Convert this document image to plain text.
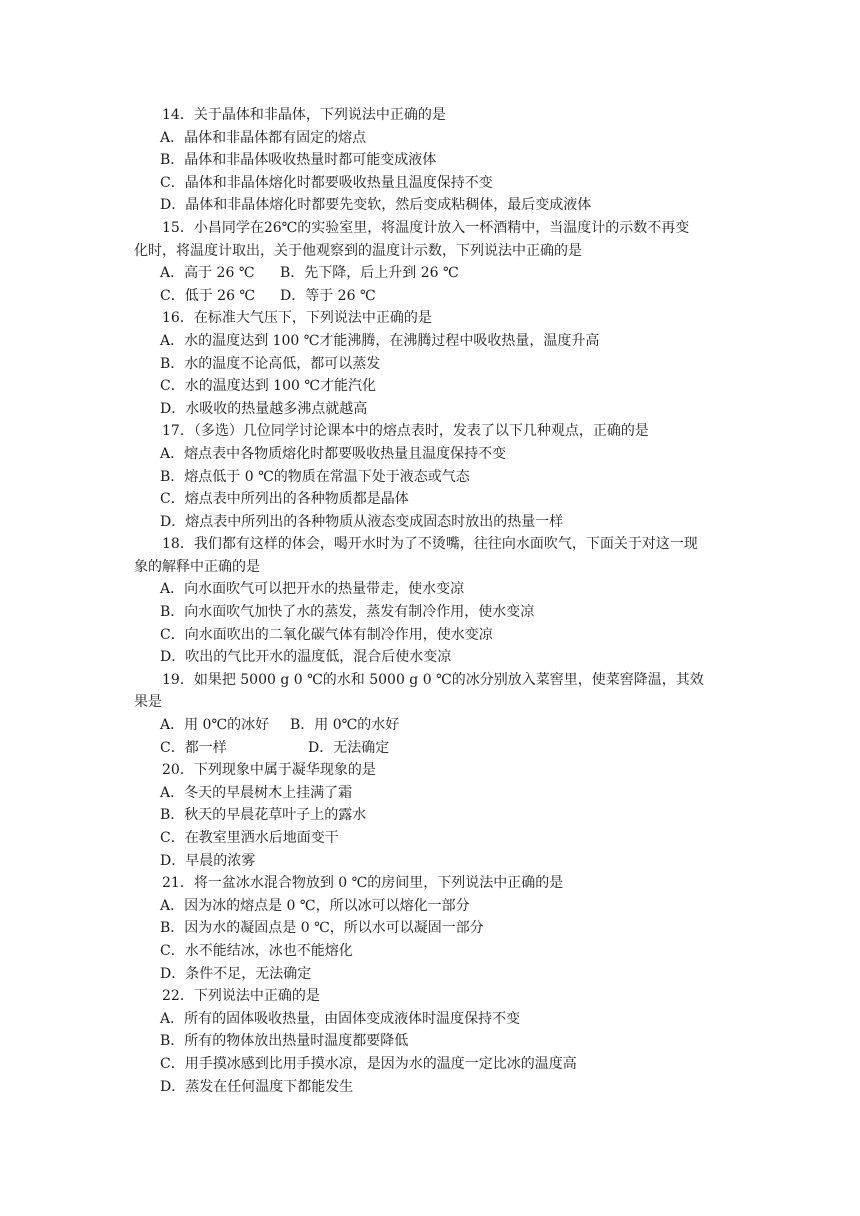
14．关于晶体和非晶体，下列说法中正确的是
A．晶体和非晶体都有固定的熔点
B．晶体和非晶体吸收热量时都可能变成液体
C．晶体和非晶体熔化时都要吸收热量且温度保持不变
D．晶体和非晶体熔化时都要先变软，然后变成粘稠体，最后变成液体
15．小昌同学在26℃的实验室里，将温度计放入一杯酒精中，当温度计的示数不再变
化时，将温度计取出，关于他观察到的温度计示数，下列说法中正确的是
A．高于 26 ℃ B．先下降，后上升到 26 ℃
C．低于 26 ℃ D．等于 26 ℃
16．在标准大气压下，下列说法中正确的是
A．水的温度达到 100 ℃才能沸腾，在沸腾过程中吸收热量，温度升高
B．水的温度不论高低，都可以蒸发
C．水的温度达到 100 ℃才能汽化
D．水吸收的热量越多沸点就越高
17．（多选）几位同学讨论课本中的熔点表时，发表了以下几种观点，正确的是
A．熔点表中各物质熔化时都要吸收热量且温度保持不变
B．熔点低于 0 ℃的物质在常温下处于液态或气态
C．熔点表中所列出的各种物质都是晶体
D．熔点表中所列出的各种物质从液态变成固态时放出的热量一样
18．我们都有这样的体会，喝开水时为了不烫嘴，往往向水面吹气，下面关于对这一现
象的解释中正确的是
A．向水面吹气可以把开水的热量带走，使水变凉
B．向水面吹气加快了水的蒸发，蒸发有制冷作用，使水变凉
C．向水面吹出的二氧化碳气体有制冷作用，使水变凉
D．吹出的气比开水的温度低，混合后使水变凉
19．如果把 5000 g 0 ℃的水和 5000 g 0 ℃的冰分别放入菜窖里，使菜窖降温，其效
果是
A．用 0℃的冰好 B．用 0℃的水好
C．都一样	D．无法确定
20．下列现象中属于凝华现象的是
A．冬天的早晨树木上挂满了霜
B．秋天的早晨花草叶子上的露水
C．在教室里洒水后地面变干
D．早晨的浓雾
21．将一盆冰水混合物放到 0 ℃的房间里，下列说法中正确的是
A．因为冰的熔点是 0 ℃，所以冰可以熔化一部分
B．因为水的凝固点是 0 ℃，所以水可以凝固一部分
C．水不能结冰，冰也不能熔化
D．条件不足，无法确定
22．下列说法中正确的是
A．所有的固体吸收热量，由固体变成液体时温度保持不变
B．所有的物体放出热量时温度都要降低
C．用手摸冰感到比用手摸水凉，是因为水的温度一定比冰的温度高
D．蒸发在任何温度下都能发生
